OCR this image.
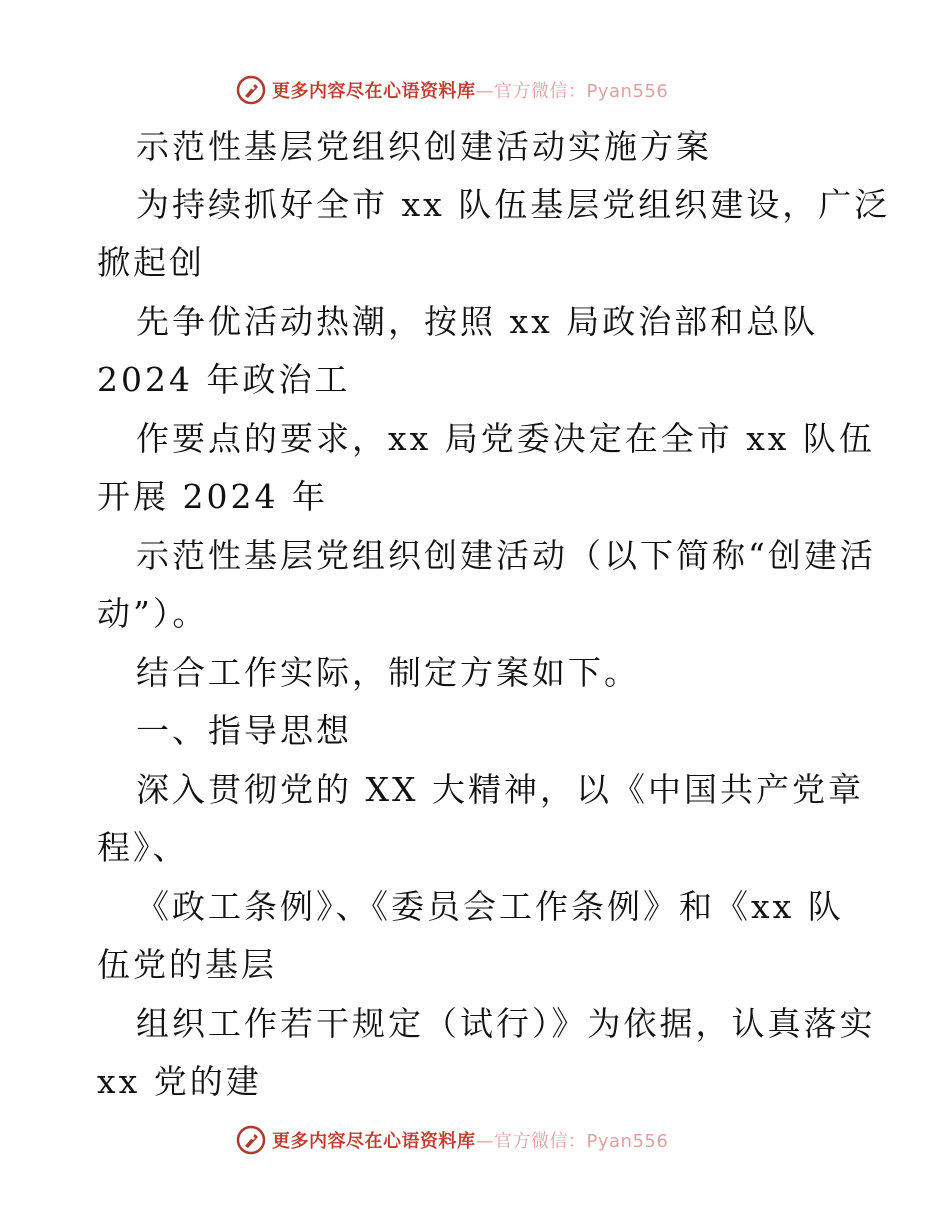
更多内容尽在心语资料库 —官方微信：Pyan556
示范性基层党组织创建活动实施方案
为持续抓好全市 xx 队伍基层党组织建设，广泛
掀起创
先争优活动热潮，按照 xx 局政治部和总队
2024 年政治工
作要点的要求，xx 局党委决定在全市 xx 队伍
开展 2024 年
示范性基层党组织创建活动（以下简称“创建活
动”）。
结合工作实际，制定方案如下。
一、指导思想
深入贯彻党的 XX 大精神，以《中国共产党章
程》、
《政工条例》、《委员会工作条例》和《xx 队
伍党的基层
组织工作若干规定（试行）》为依据，认真落实
xx 党的建
更多内容尽在心语资料库 —官方微信：Pyan556
